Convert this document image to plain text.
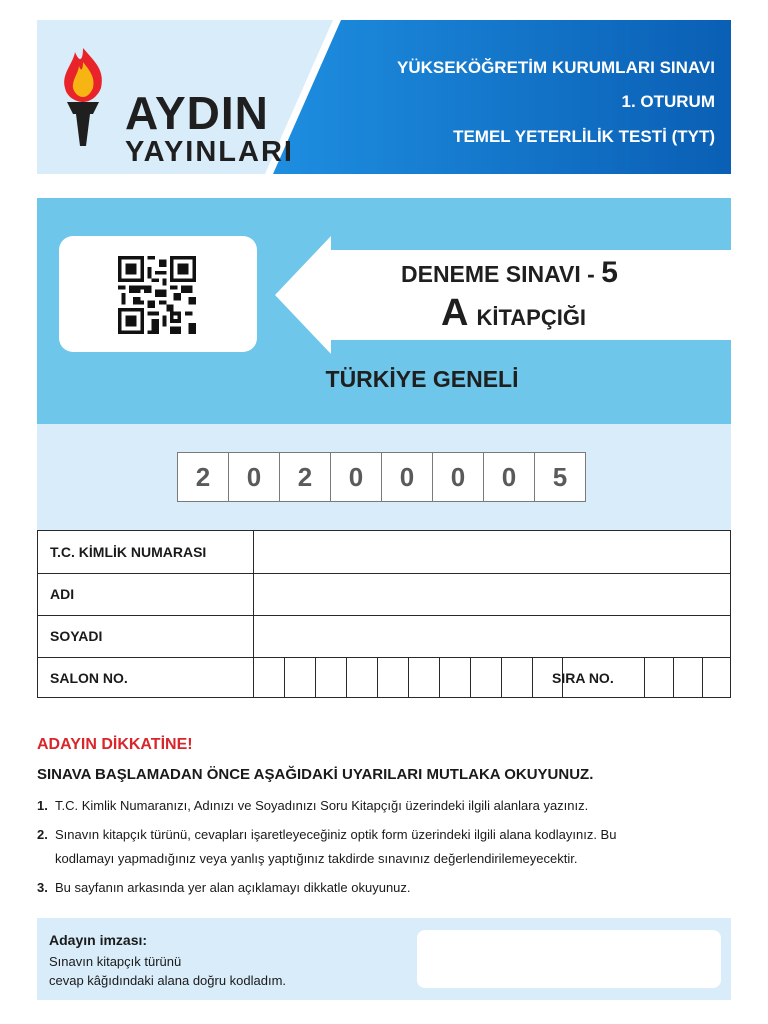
AYDIN
YAYINLARI
YÜKSEKÖĞRETİM KURUMLARI SINAVI
1. OTURUM
TEMEL YETERLİLİK TESTİ (TYT)
DENEME SINAVI - 5
AKİTAPÇIĞI
TÜRKİYE GENELİ
2	0	2	0	0	0	0	5
T.C. KİMLİK NUMARASI
ADI
SOYADI
SALON NO.	SIRA NO.
ADAYIN DİKKATİNE!
SINAVA BAŞLAMADAN ÖNCE AŞAĞIDAKİ UYARILARI MUTLAKA OKUYUNUZ.
1. T.C. Kimlik Numaranızı, Adınızı ve Soyadınızı Soru Kitapçığı üzerindeki ilgili alanlara yazınız.
2. Sınavın kitapçık türünü, cevapları işaretleyeceğiniz optik form üzerindeki ilgili alana kodlayınız. Bu
kodlamayı yapmadığınız veya yanlış yaptığınız takdirde sınavınız değerlendirilemeyecektir.
3. Bu sayfanın arkasında yer alan açıklamayı dikkatle okuyunuz.
Adayın imzası:
Sınavın kitapçık türünü
cevap kâğıdındaki alana doğru kodladım.
